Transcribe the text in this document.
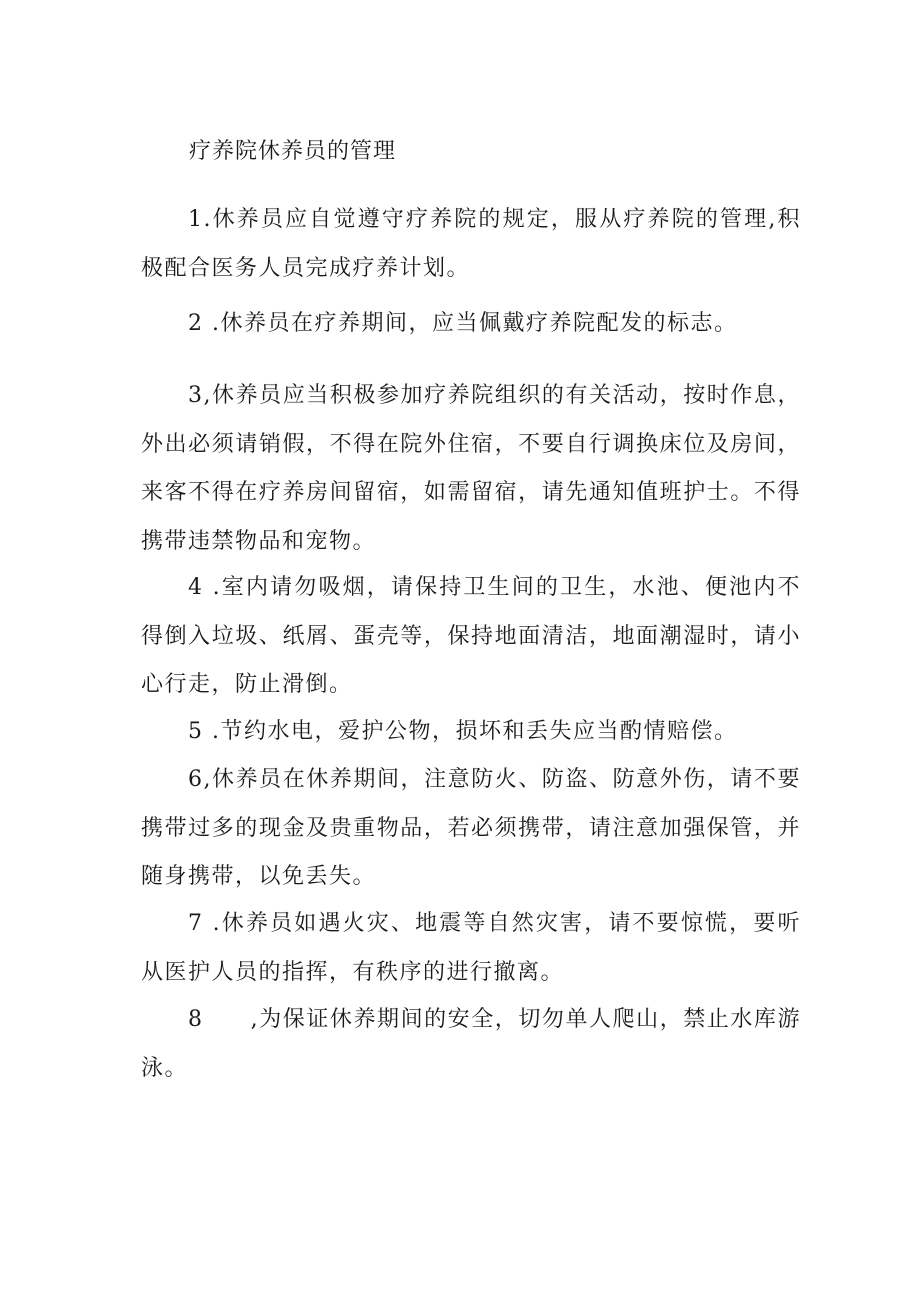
疗养院休养员的管理

1.休养员应自觉遵守疗养院的规定，服从疗养院的管理,积极配合医务人员完成疗养计划。

2 .休养员在疗养期间，应当佩戴疗养院配发的标志。

3,休养员应当积极参加疗养院组织的有关活动，按时作息，外出必须请销假，不得在院外住宿，不要自行调换床位及房间，来客不得在疗养房间留宿，如需留宿，请先通知值班护士。不得携带违禁物品和宠物。

4 .室内请勿吸烟，请保持卫生间的卫生，水池、便池内不得倒入垃圾、纸屑、蛋壳等，保持地面清洁，地面潮湿时，请小心行走，防止滑倒。

5 .节约水电，爱护公物，损坏和丢失应当酌情赔偿。

6,休养员在休养期间，注意防火、防盗、防意外伤，请不要携带过多的现金及贵重物品，若必须携带，请注意加强保管，并随身携带，以免丢失。

7 .休养员如遇火灾、地震等自然灾害，请不要惊慌，要听从医护人员的指挥，有秩序的进行撤离。

8　　,为保证休养期间的安全，切勿单人爬山，禁止水库游泳。
